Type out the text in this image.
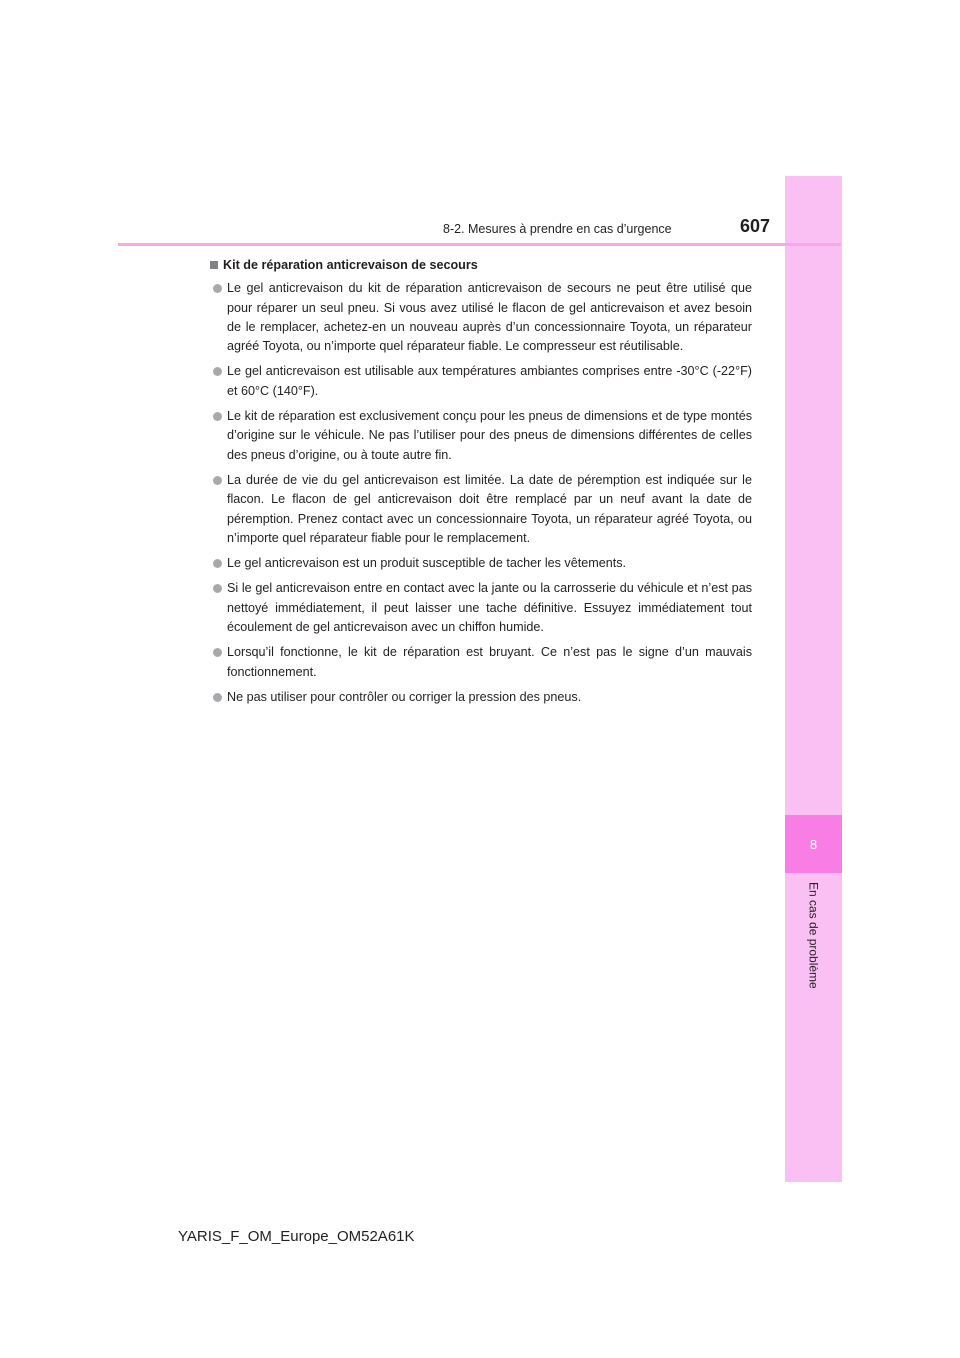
8
En cas de problème
8-2. Mesures à prendre en cas d’urgence	607
Kit de réparation anticrevaison de secours
Le gel anticrevaison du kit de réparation anticrevaison de secours ne peut être utilisé que pour réparer un seul pneu. Si vous avez utilisé le flacon de gel anticrevaison et avez besoin de le remplacer, achetez-en un nouveau auprès d’un concessionnaire Toyota, un réparateur agréé Toyota, ou n’importe quel réparateur fiable. Le compresseur est réutilisable.
Le gel anticrevaison est utilisable aux températures ambiantes comprises entre -30°C (-22°F) et 60°C (140°F).
Le kit de réparation est exclusivement conçu pour les pneus de dimensions et de type montés d’origine sur le véhicule. Ne pas l’utiliser pour des pneus de dimensions différentes de celles des pneus d’origine, ou à toute autre fin.
La durée de vie du gel anticrevaison est limitée. La date de péremption est indiquée sur le flacon. Le flacon de gel anticrevaison doit être remplacé par un neuf avant la date de péremption. Prenez contact avec un concessionnaire Toyota, un réparateur agréé Toyota, ou n’importe quel réparateur fiable pour le remplacement.
Le gel anticrevaison est un produit susceptible de tacher les vêtements.
Si le gel anticrevaison entre en contact avec la jante ou la carrosserie du véhicule et n’est pas nettoyé immédiatement, il peut laisser une tache définitive. Essuyez immédiatement tout écoulement de gel anticrevaison avec un chiffon humide.
Lorsqu’il fonctionne, le kit de réparation est bruyant. Ce n’est pas le signe d’un mauvais fonctionnement.
Ne pas utiliser pour contrôler ou corriger la pression des pneus.
YARIS_F_OM_Europe_OM52A61K
